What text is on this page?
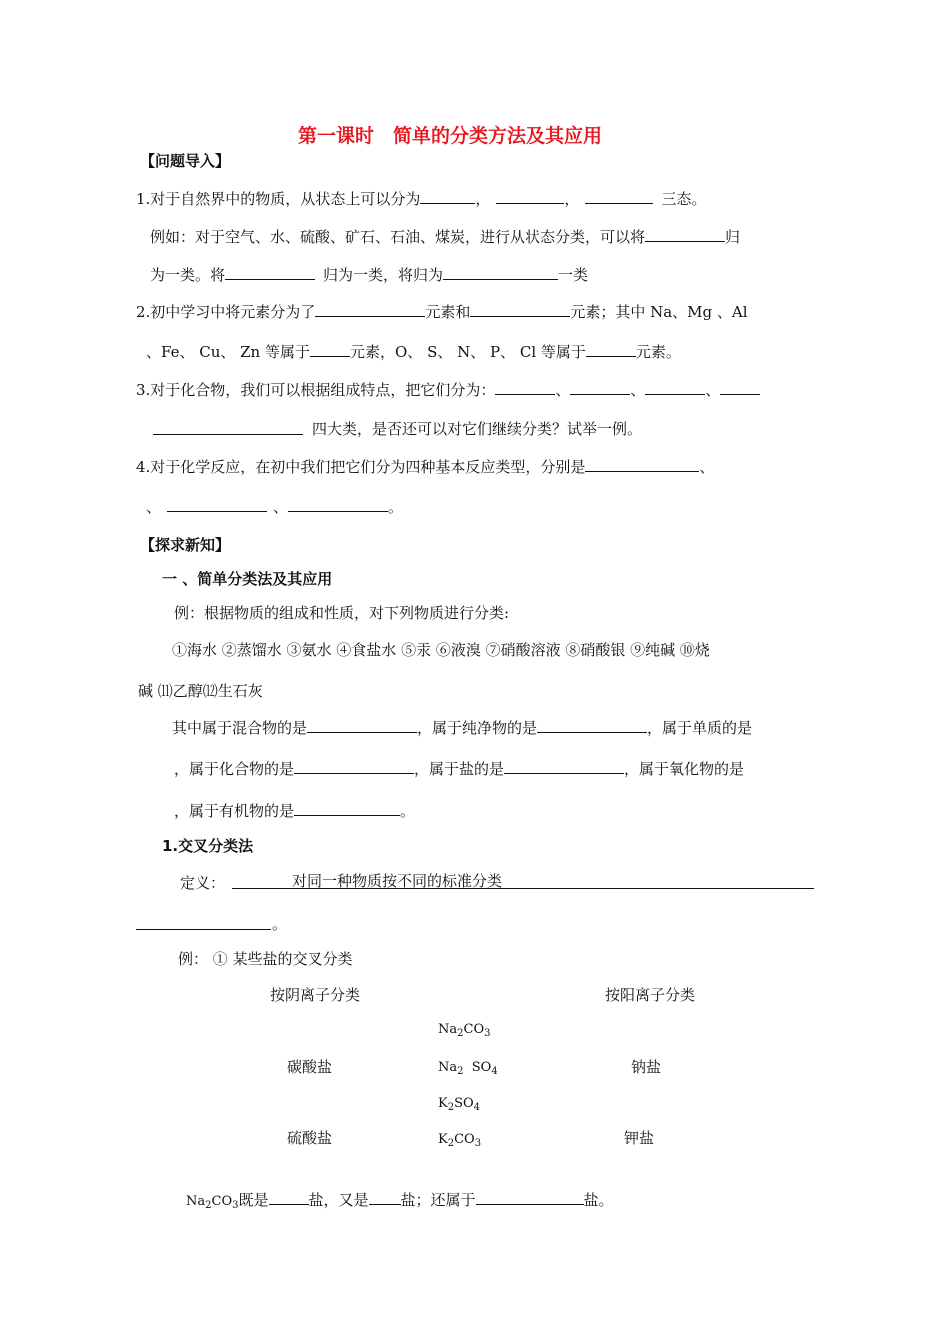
第一课时　简单的分类方法及其应用
【问题导入】
1.对于自然界中的物质，从状态上可以分为	，	，	三态。
例如：对于空气、水、硫酸、矿石、石油、煤炭，进行从状态分类，可以将	归
为一类。将	归为一类，将归为	一类
2.初中学习中将元素分为了	元素和	元素；其中 Na、Mg 、Al
、Fe、 Cu、 Zn 等属于	元素，O、 S、 N、 P、 Cl 等属于	元素。
3.对于化合物，我们可以根据组成特点，把它们分为：	、	、	、
四大类，是否还可以对它们继续分类？试举一例。
4.对于化学反应，在初中我们把它们分为四种基本反应类型，分别是	、
、	、	。
【探求新知】
一 、简单分类法及其应用
例：根据物质的组成和性质，对下列物质进行分类:
①海水 ②蒸馏水 ③氨水 ④食盐水 ⑤汞 ⑥液溴 ⑦硝酸溶液 ⑧硝酸银 ⑨纯碱 ⑩烧
碱 ⑾乙醇⑿生石灰
其中属于混合物的是	，属于纯净物的是	，属于单质的是
，属于化合物的是	，属于盐的是	，属于氧化物的是
，属于有机物的是	。
1.交叉分类法
定义：	对同一种物质按不同的标准分类
。
例： ① 某些盐的交叉分类
按阴离子分类	按阳离子分类
$Na_2CO_3$
碳酸盐	$Na_2$  $SO_4$	钠盐
$K_2SO_4$
硫酸盐	$K_2CO_3$	钾盐
$Na_2CO_3$既是	盐，又是 盐；还属于	盐。
